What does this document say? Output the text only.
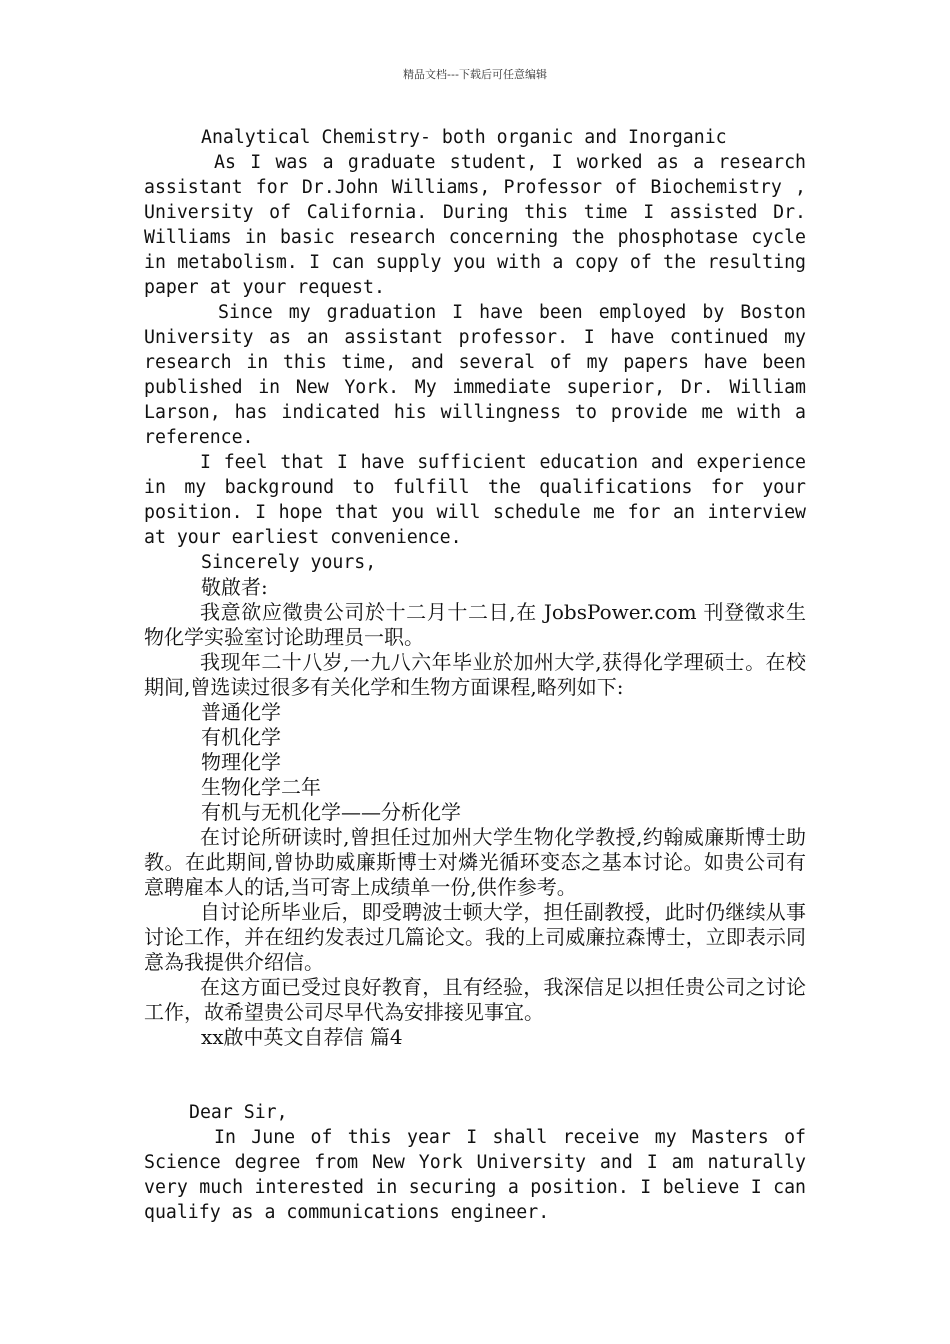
精品文档---下载后可任意编辑

Analytical Chemistry- both organic and Inorganic

As I was a graduate student, I worked as a research assistant for Dr.John Williams, Professor of Biochemistry , University of California. During this time I assisted Dr. Williams in basic research concerning the phosphotase cycle in metabolism. I can supply you with a copy of the resulting paper at your request.

Since my graduation I have been employed by Boston University as an assistant professor. I have continued my research in this time, and several of my papers have been published in New York. My immediate superior, Dr. William Larson, has indicated his willingness to provide me with a reference.

I feel that I have sufficient education and experience in my background to fulfill the qualifications for your position. I hope that you will schedule me for an interview at your earliest convenience.

Sincerely yours,

敬啟者:

我意欲应徵贵公司於十二月十二日,在 JobsPower.com 刊登徵求生物化学实验室讨论助理员一职。

我现年二十八岁,一九八六年毕业於加州大学,获得化学理硕士。在校期间,曾选读过很多有关化学和生物方面课程,略列如下:

普通化学

有机化学

物理化学

生物化学二年

有机与无机化学——分析化学

在讨论所研读时,曾担任过加州大学生物化学教授,约翰威廉斯博士助教。在此期间,曾协助威廉斯博士对燐光循环变态之基本讨论。如贵公司有意聘雇本人的话,当可寄上成绩单一份,供作参考。

自讨论所毕业后，即受聘波士顿大学，担任副教授，此时仍继续从事讨论工作，并在纽约发表过几篇论文。我的上司威廉拉森博士，立即表示同意為我提供介绍信。

在这方面已受过良好教育，且有经验，我深信足以担任贵公司之讨论工作，故希望贵公司尽早代為安排接见事宜。

xx啟中英文自荐信 篇4

Dear Sir,

In June of this year I shall receive my Masters of Science degree from New York University and I am naturally very much interested in securing a position. I believe I can qualify as a communications engineer.
